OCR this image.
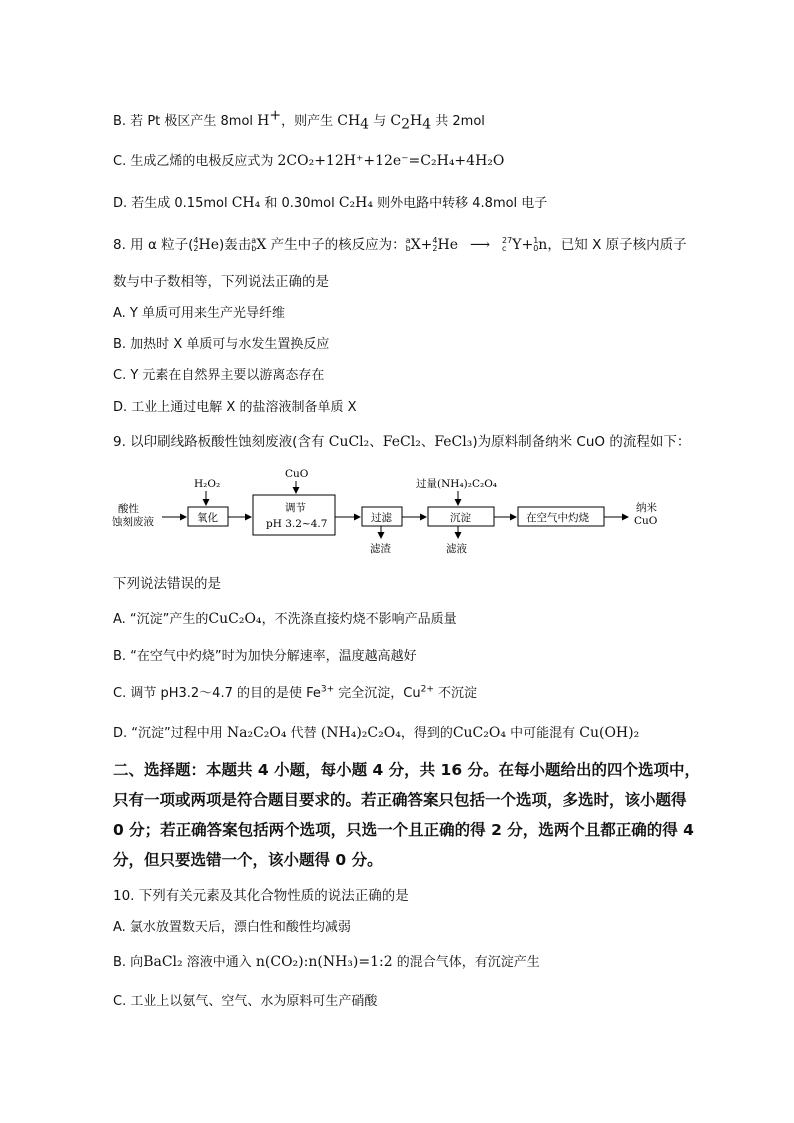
B. 若 Pt 极区产生 8mol H+，则产生 $CH_4$ 与 $C_2H_4$ 共 2mol
C. 生成乙烯的电极反应式为 2CO₂+12H⁺+12e⁻=C₂H₄+4H₂O
D. 若生成 0.15mol CH₄ 和 0.30mol C₂H₄ 则外电路中转移 4.8mol 电子
8. 用 α 粒子(4
2He)轰击a
bX 产生中子的核反应为：a
bX+4
2He ⟶ 27
c Y+1
0n，已知 X 原子核内质子
数与中子数相等，下列说法正确的是
A. Y 单质可用来生产光导纤维
B. 加热时 X 单质可与水发生置换反应
C. Y 元素在自然界主要以游离态存在
D. 工业上通过电解 X 的盐溶液制备单质 X
9. 以印刷线路板酸性蚀刻废液(含有 CuCl₂、FeCl₂、FeCl₃)为原料制备纳米 CuO 的流程如下：
酸性
蚀刻废液
H₂O₂
氧化
CuO
调节
pH 3.2~4.7	过滤
滤渣
过量(NH₄)₂C₂O₄
沉淀
滤液
在空气中灼烧
纳米
CuO
下列说法错误的是
A. “沉淀”产生的CuC₂O₄，不洗涤直接灼烧不影响产品质量
B. “在空气中灼烧”时为加快分解速率，温度越高越好
C. 调节 pH3.2～4.7 的目的是使 $Fe^{3+}$ 完全沉淀，$Cu^{2+}$ 不沉淀
D. “沉淀”过程中用 Na₂C₂O₄ 代替 (NH₄)₂C₂O₄，得到的CuC₂O₄ 中可能混有 Cu(OH)₂
二、选择题：本题共 4 小题，每小题 4 分，共 16 分。在每小题给出的四个选项中，
只有一项或两项是符合题目要求的。若正确答案只包括一个选项，多选时，该小题得
0 分；若正确答案包括两个选项，只选一个且正确的得 2 分，选两个且都正确的得 4
分，但只要选错一个，该小题得 0 分。
10. 下列有关元素及其化合物性质的说法正确的是
A. 氯水放置数天后，漂白性和酸性均减弱
B. 向BaCl₂ 溶液中通入 n(CO₂):n(NH₃)=1:2 的混合气体，有沉淀产生
C. 工业上以氨气、空气、水为原料可生产硝酸
